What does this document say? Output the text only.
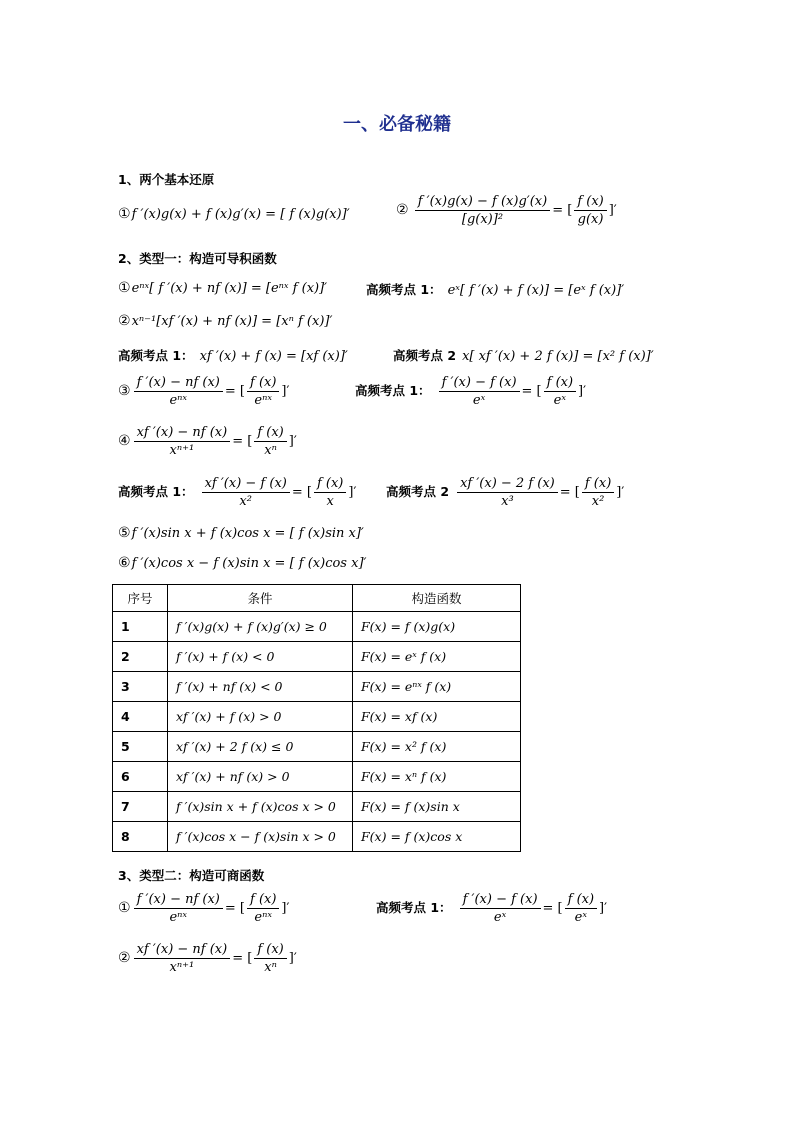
一、必备秘籍
1、两个基本还原
①f ′(x)g(x) + f (x)g′(x) = [ f (x)g(x)]′	② $\frac{f '(x)g(x) - f (x)g'(x)}{\text{[g(x)]²}}$ = [ $\frac{f (x)}{g(x)}$ ]′
2、类型一：构造可导积函数
①eⁿˣ[ f ′(x) + nf (x)] = [eⁿˣ f (x)]′	高频考点 1： eˣ[ f ′(x) + f (x)] = [eˣ f (x)]′
②xⁿ⁻¹[xf ′(x) + nf (x)] = [xⁿ f (x)]′
高频考点 1： xf ′(x) + f (x) = [xf (x)]′	高频考点 2 x[ xf ′(x) + 2 f (x)] = [x² f (x)]′
③ $\frac{f '(x) - nf (x)}{\text{eⁿˣ}}$ = [ $\frac{f (x)}{\text{eⁿˣ}}$ ]′	高频考点 1： $\frac{f '(x) - f (x)}{\text{eˣ}}$ = [ $\frac{f (x)}{\text{eˣ}}$ ]′
④ $\frac{xf '(x) - nf (x)}{\text{xⁿ⁺¹}}$ = [ $\frac{f (x)}{\text{xⁿ}}$ ]′
高频考点 1： $\frac{xf '(x) - f (x)}{\text{x²}}$ = [ $\frac{f (x)}{x}$ ]′ 高频考点 $2 \frac{xf '(x) - 2 f (x)}{\text{x³}}$ = [ $\frac{f (x)}{\text{x²}}$ ]′
⑤f ′(x)sin x + f (x)cos x = [ f (x)sin x]′
⑥f ′(x)cos x − f (x)sin x = [ f (x)cos x]′
序号	条件	构造函数
1	f ′(x)g(x) + f (x)g′(x) ≥ 0	F(x) = f (x)g(x)
2	f ′(x) + f (x) < 0	F(x) = eˣ f (x)
3	f ′(x) + nf (x) < 0	F(x) = eⁿˣ f (x)
4	xf ′(x) + f (x) > 0	F(x) = xf (x)
5	xf ′(x) + 2 f (x) ≤ 0	F(x) = x² f (x)
6	xf ′(x) + nf (x) > 0	F(x) = xⁿ f (x)
7	f ′(x)sin x + f (x)cos x > 0	F(x) = f (x)sin x
8	f ′(x)cos x − f (x)sin x > 0	F(x) = f (x)cos x
3、类型二：构造可商函数
① $\frac{f '(x) - nf (x)}{\text{eⁿˣ}}$ = [ $\frac{f (x)}{\text{eⁿˣ}}$ ]′	高频考点 1： $\frac{f '(x) - f (x)}{\text{eˣ}}$ = [ $\frac{f (x)}{\text{eˣ}}$ ]′
② $\frac{xf '(x) - nf (x)}{\text{xⁿ⁺¹}}$ = [ $\frac{f (x)}{\text{xⁿ}}$ ]′
